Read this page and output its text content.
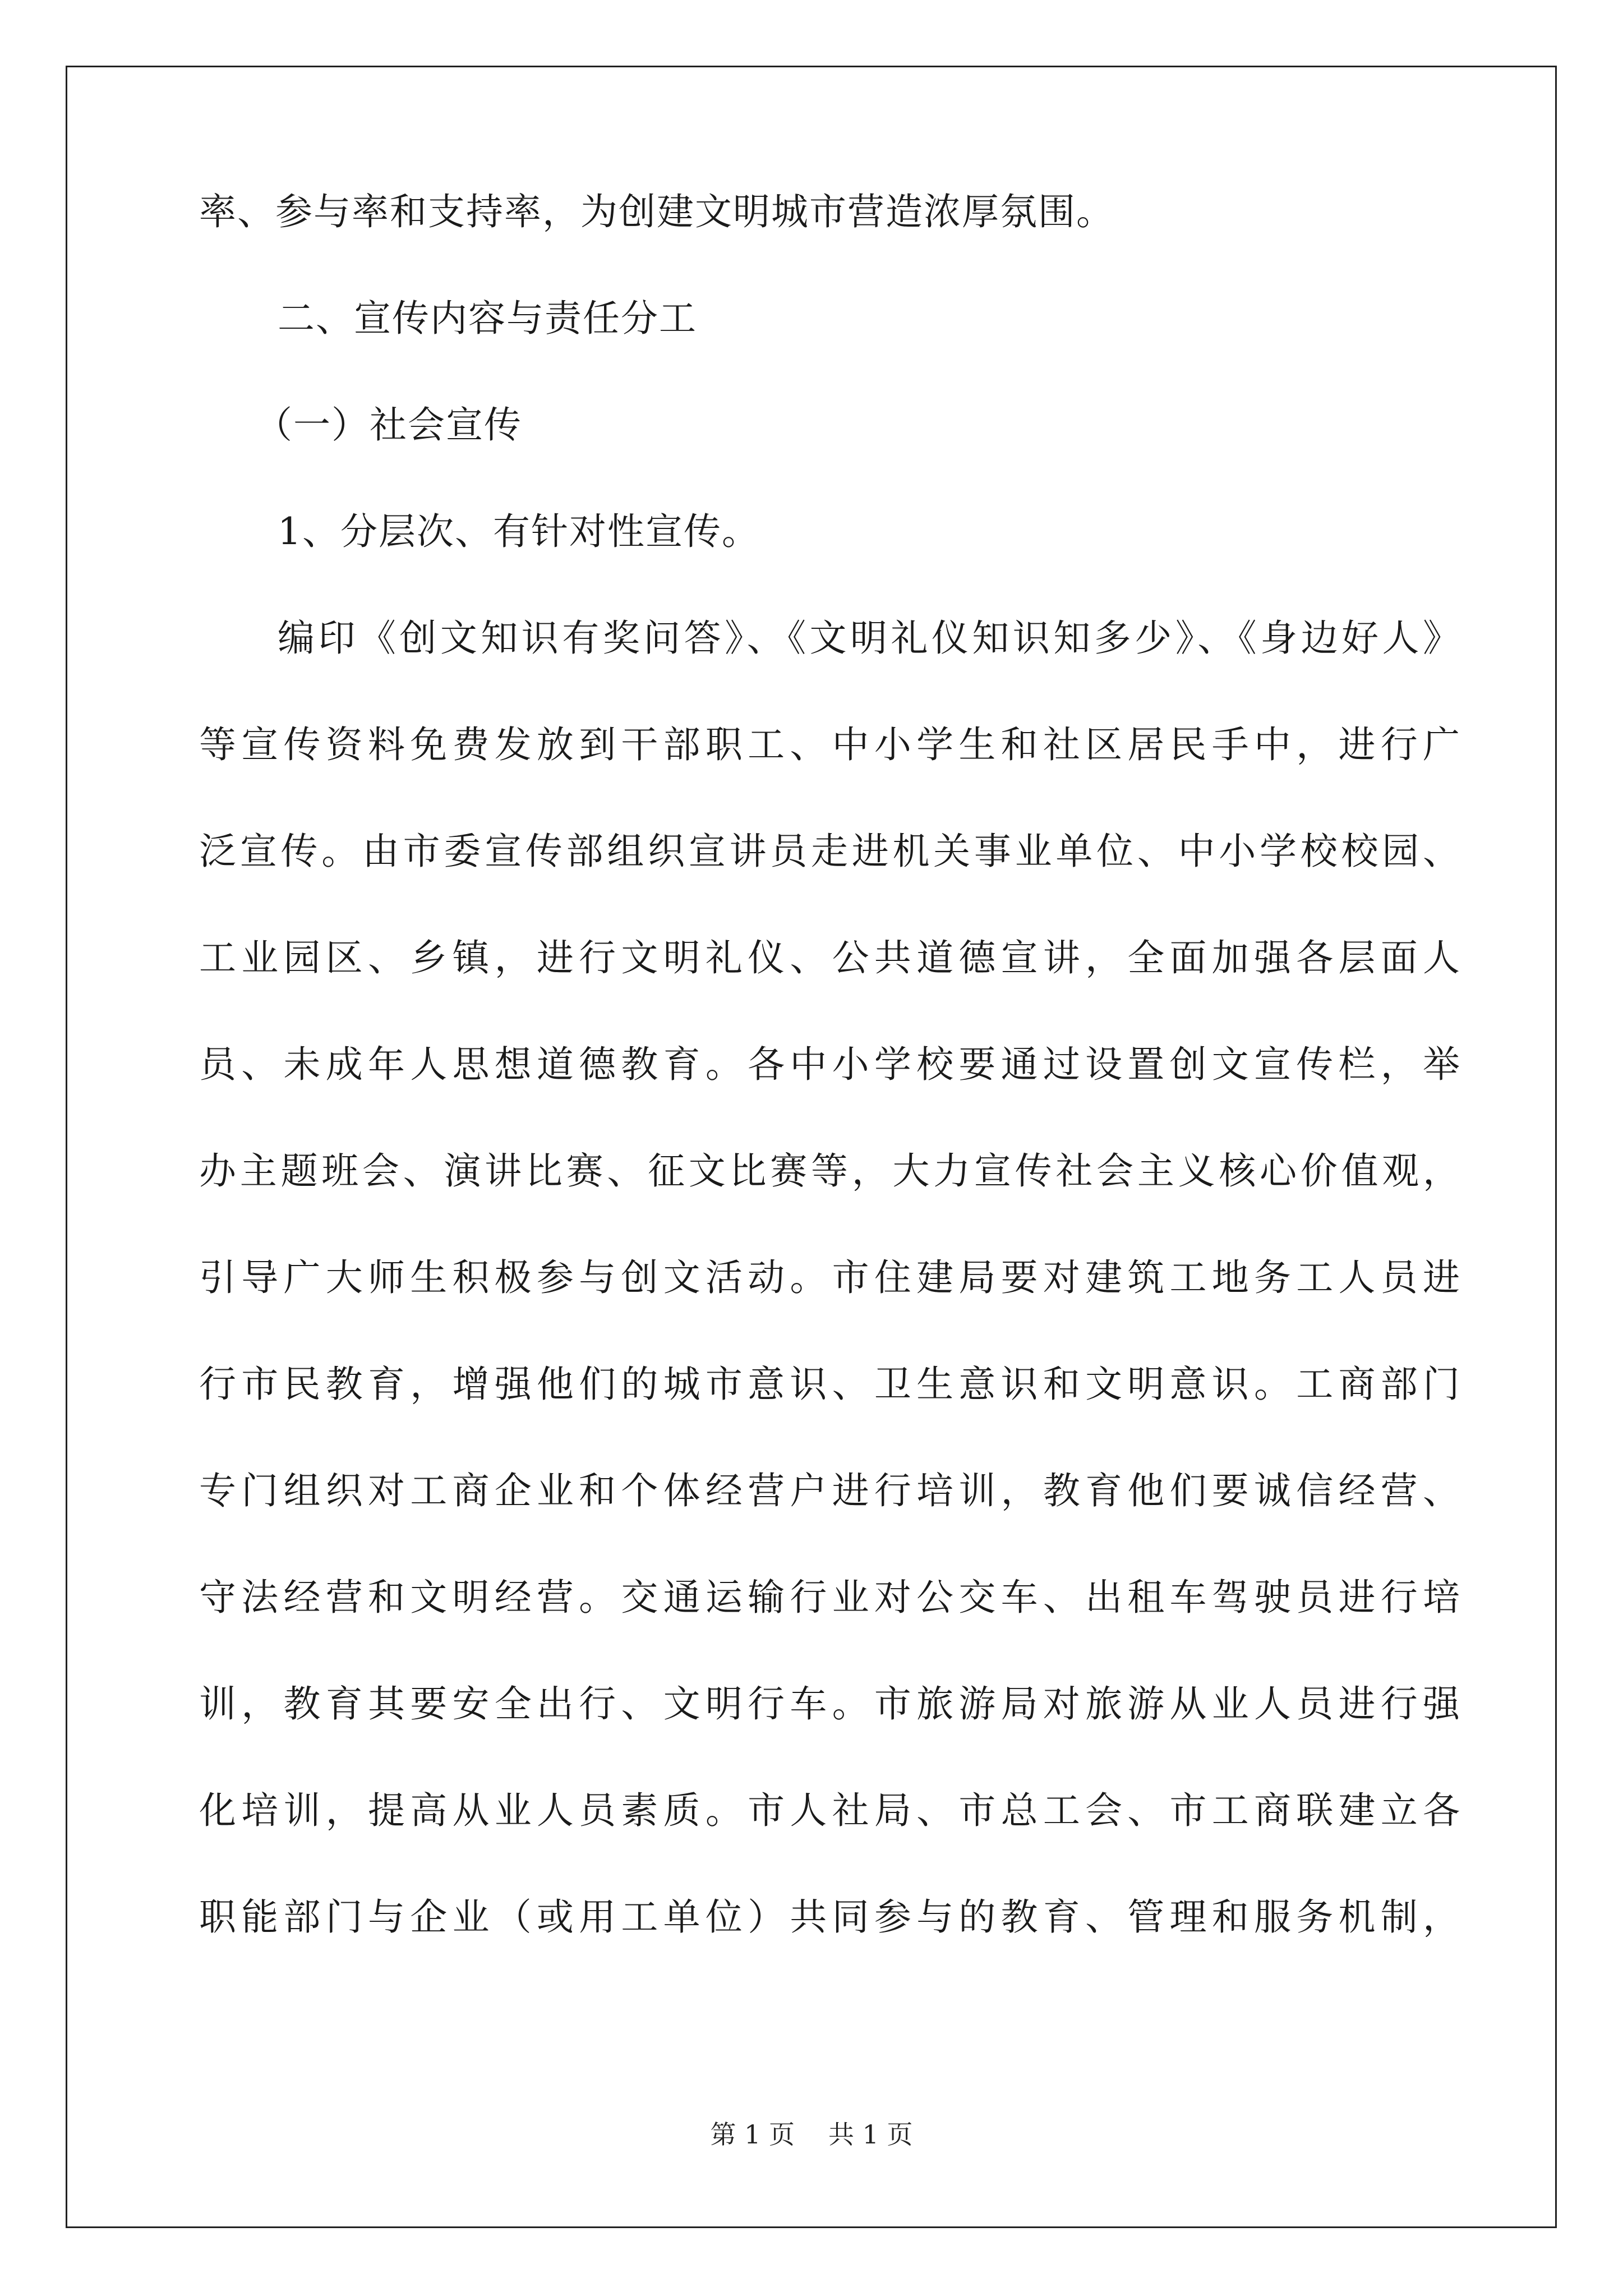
率、参与率和支持率，为创建文明城市营造浓厚氛围。
二、宣传内容与责任分工
（一）社会宣传
1、分层次、有针对性宣传。
编印《创文知识有奖问答》、《文明礼仪知识知多少》、《身边好人》
等宣传资料免费发放到干部职工、中小学生和社区居民手中，进行广
泛宣传。由市委宣传部组织宣讲员走进机关事业单位、中小学校校园、
工业园区、乡镇，进行文明礼仪、公共道德宣讲，全面加强各层面人
员、未成年人思想道德教育。各中小学校要通过设置创文宣传栏，举
办主题班会、演讲比赛、征文比赛等，大力宣传社会主义核心价值观，
引导广大师生积极参与创文活动。市住建局要对建筑工地务工人员进
行市民教育，增强他们的城市意识、卫生意识和文明意识。工商部门
专门组织对工商企业和个体经营户进行培训，教育他们要诚信经营、
守法经营和文明经营。交通运输行业对公交车、出租车驾驶员进行培
训，教育其要安全出行、文明行车。市旅游局对旅游从业人员进行强
化培训，提高从业人员素质。市人社局、市总工会、市工商联建立各
职能部门与企业（或用工单位）共同参与的教育、管理和服务机制，
第 1 页 共 1 页
